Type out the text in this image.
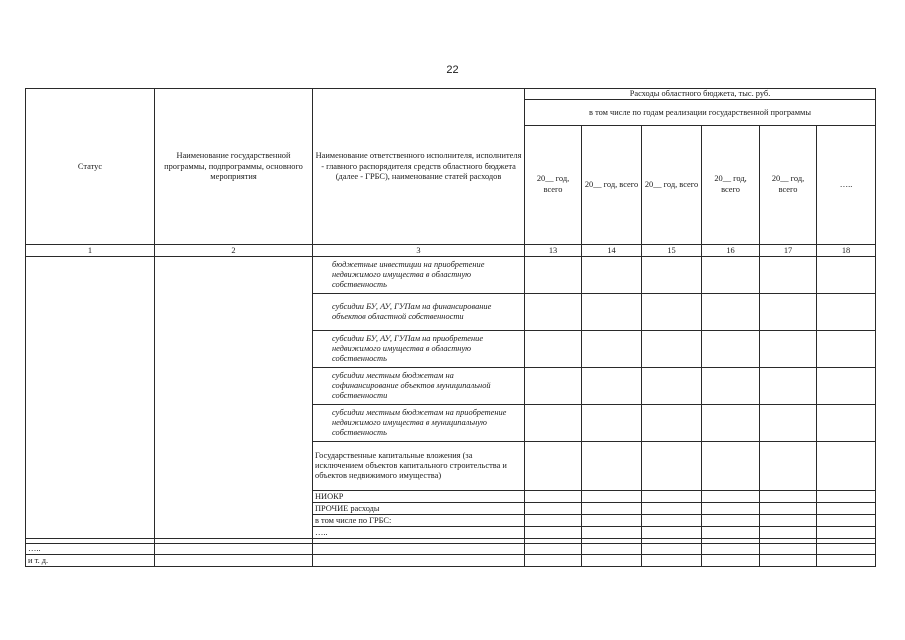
22
Статус	Наименование государственной программы, подпрограммы, основного мероприятия	Наименование ответственного исполнителя, исполнителя - главного распорядителя средств областного бюджета (далее - ГРБС), наименование статей расходов	Расходы областного бюджета, тыс. руб.					
			в том числе по годам реализации государственной программы					
			20__ год, всего	20__ год, всего	20__ год, всего	20__ год, всего	20__ год, всего	…..
1	2	3	13	14	15	16	17	18
		бюджетные инвестиции на приобретение недвижимого имущества в областную собственность						
		субсидии БУ, АУ, ГУПам на финансирование объектов областной собственности						
		субсидии БУ, АУ, ГУПам на приобретение недвижимого имущества в областную собственность						
		субсидии местным бюджетам на софинансирование объектов муниципальной собственности						
		субсидии местным бюджетам на приобретение недвижимого имущества в муниципальную собственность						
		Государственные капитальные вложения (за исключением объектов капитального строительства и объектов недвижимого имущества)						
		НИОКР						
		ПРОЧИЕ расходы						
		в том числе по ГРБС:						
		…..						

…..								
и т. д.								
